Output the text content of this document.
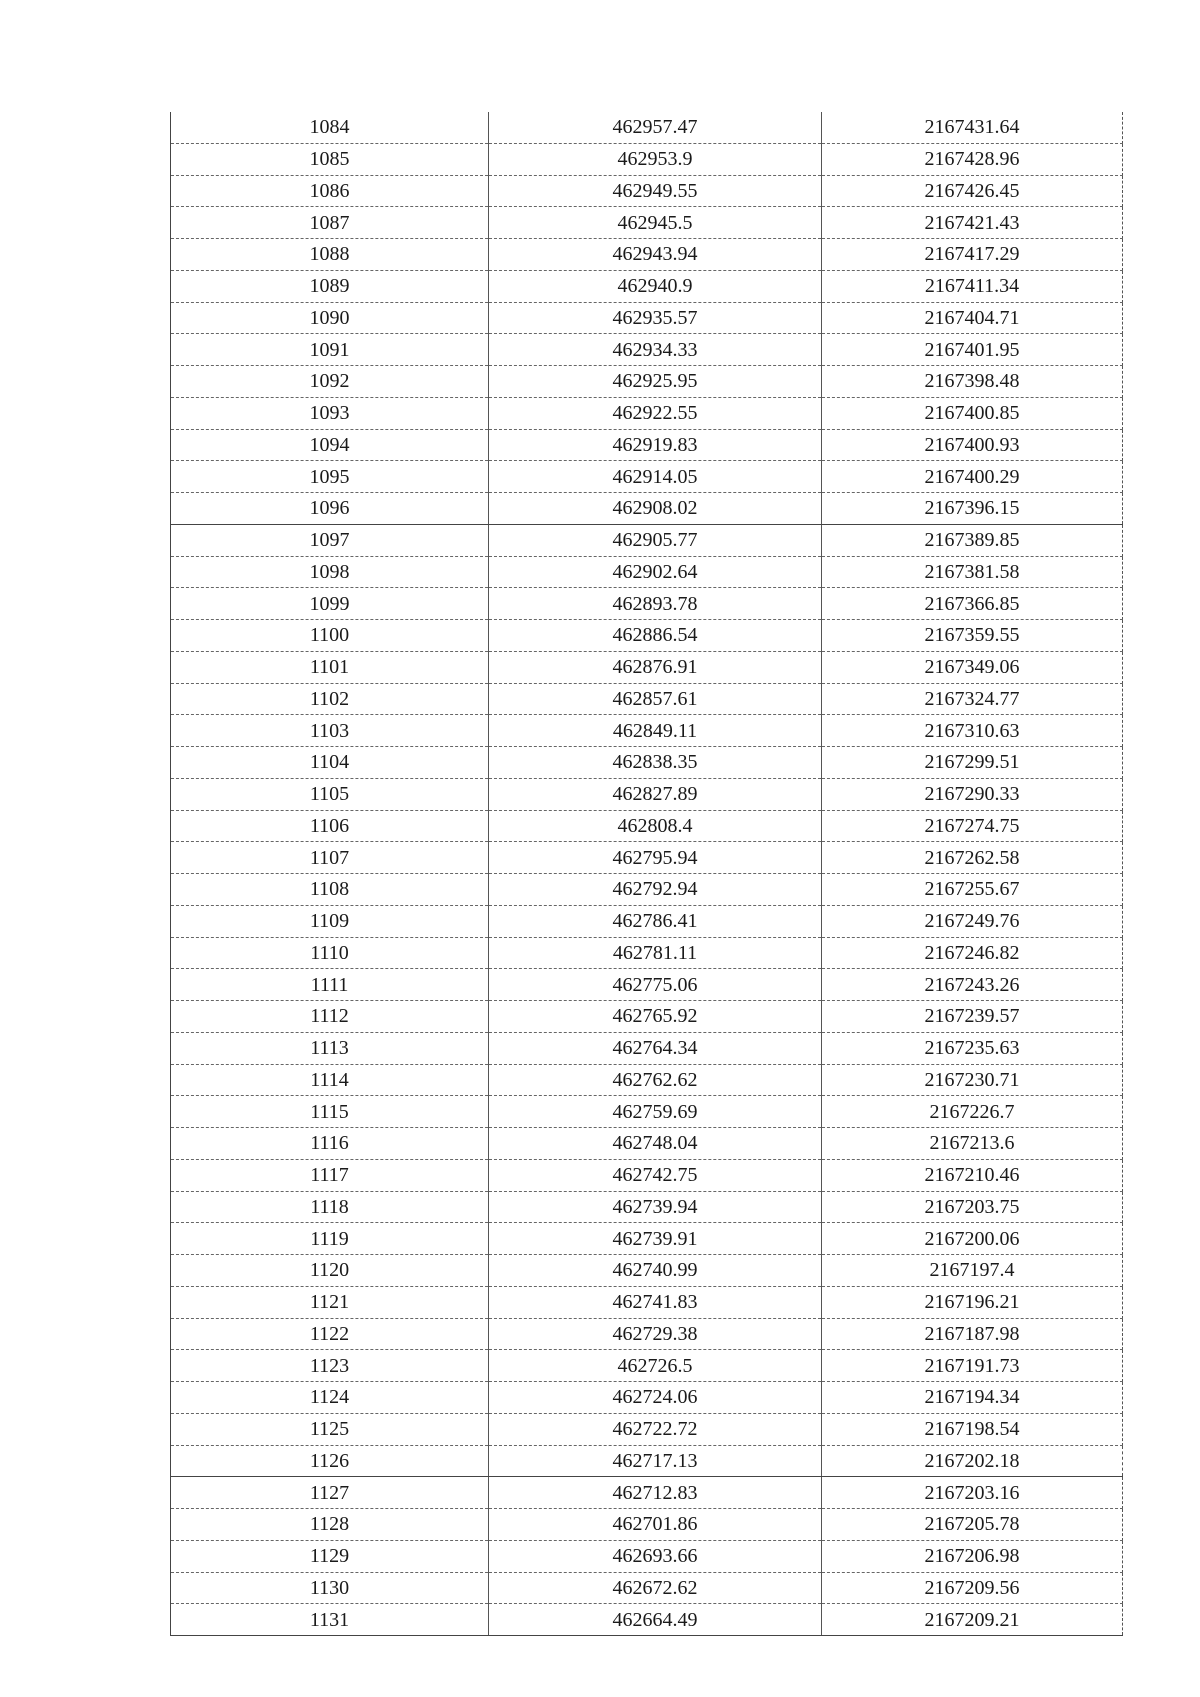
1084	462957.47	2167431.64
1085	462953.9	2167428.96
1086	462949.55	2167426.45
1087	462945.5	2167421.43
1088	462943.94	2167417.29
1089	462940.9	2167411.34
1090	462935.57	2167404.71
1091	462934.33	2167401.95
1092	462925.95	2167398.48
1093	462922.55	2167400.85
1094	462919.83	2167400.93
1095	462914.05	2167400.29
1096	462908.02	2167396.15
1097	462905.77	2167389.85
1098	462902.64	2167381.58
1099	462893.78	2167366.85
1100	462886.54	2167359.55
1101	462876.91	2167349.06
1102	462857.61	2167324.77
1103	462849.11	2167310.63
1104	462838.35	2167299.51
1105	462827.89	2167290.33
1106	462808.4	2167274.75
1107	462795.94	2167262.58
1108	462792.94	2167255.67
1109	462786.41	2167249.76
1110	462781.11	2167246.82
1111	462775.06	2167243.26
1112	462765.92	2167239.57
1113	462764.34	2167235.63
1114	462762.62	2167230.71
1115	462759.69	2167226.7
1116	462748.04	2167213.6
1117	462742.75	2167210.46
1118	462739.94	2167203.75
1119	462739.91	2167200.06
1120	462740.99	2167197.4
1121	462741.83	2167196.21
1122	462729.38	2167187.98
1123	462726.5	2167191.73
1124	462724.06	2167194.34
1125	462722.72	2167198.54
1126	462717.13	2167202.18
1127	462712.83	2167203.16
1128	462701.86	2167205.78
1129	462693.66	2167206.98
1130	462672.62	2167209.56
1131	462664.49	2167209.21
